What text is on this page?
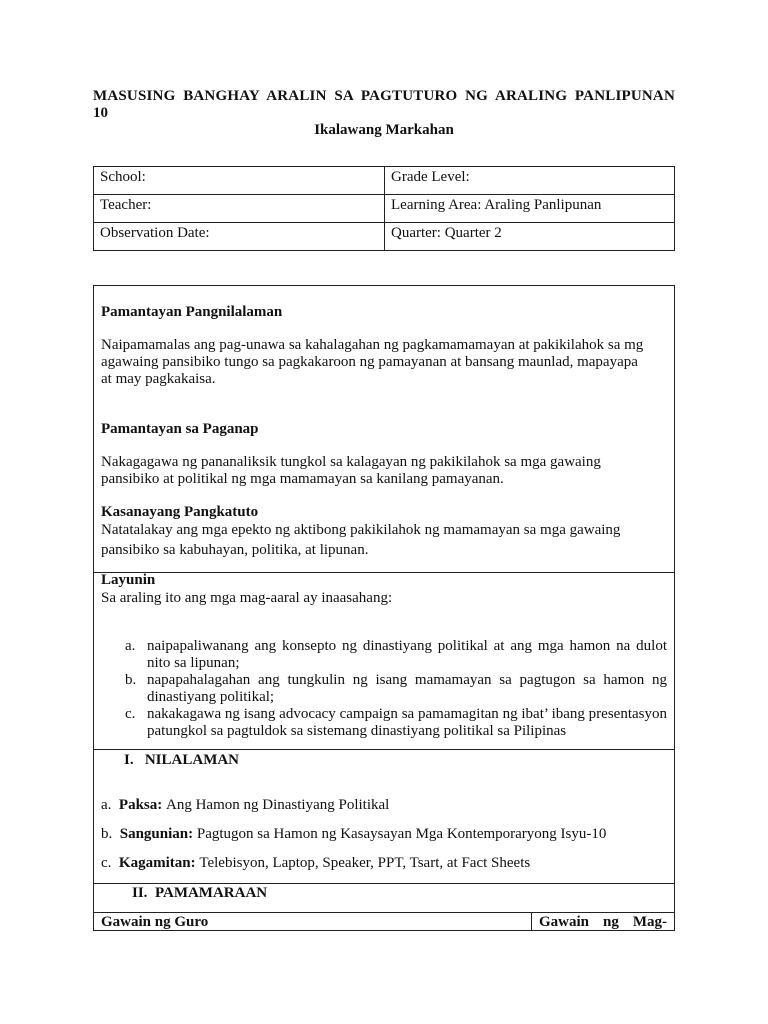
MASUSING BANGHAY ARALIN SA PAGTUTURO NG ARALING PANLIPUNAN
10
Ikalawang Markahan
School:	Grade Level:
Teacher:	Learning Area: Araling Panlipunan
Observation Date:	Quarter: Quarter 2
Pamantayan Pangnilalaman
Naipamamalas ang pag-unawa sa kahalagahan ng pagkamamamayan at pakikilahok sa mg
agawaing pansibiko tungo sa pagkakaroon ng pamayanan at bansang maunlad, mapayapa
at may pagkakaisa.
Pamantayan sa Paganap
Nakagagawa ng pananaliksik tungkol sa kalagayan ng pakikilahok sa mga gawaing
pansibiko at politikal ng mga mamamayan sa kanilang pamayanan.
Kasanayang Pangkatuto
Natatalakay ang mga epekto ng aktibong pakikilahok ng mamamayan sa mga gawaing
pansibiko sa kabuhayan, politika, at lipunan.
Layunin
Sa araling ito ang mga mag-aaral ay inaasahang:
a. naipapaliwanang ang konsepto ng dinastiyang politikal at ang mga hamon na dulot nito sa lipunan;
b. napapahalagahan ang tungkulin ng isang mamamayan sa pagtugon sa hamon ng dinastiyang politikal;
c. nakakagawa ng isang advocacy campaign sa pamamagitan ng ibat’ ibang presentasyon patungkol sa pagtuldok sa sistemang dinastiyang politikal sa Pilipinas
I. NILALAMAN
a. Paksa: Ang Hamon ng Dinastiyang Politikal
b. Sangunian: Pagtugon sa Hamon ng Kasaysayan Mga Kontemporaryong Isyu-10
c. Kagamitan: Telebisyon, Laptop, Speaker, PPT, Tsart, at Fact Sheets
II. PAMAMARAAN
Gawain ng Guro	Gawain ng Mag-
